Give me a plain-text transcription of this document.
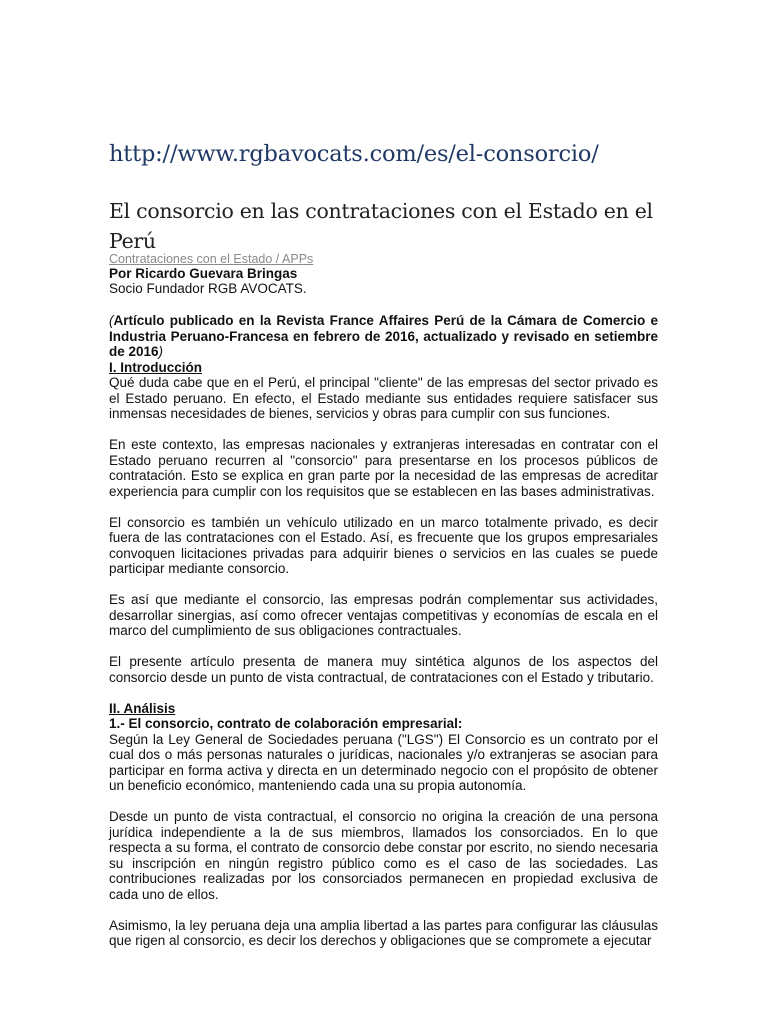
http://www.rgbavocats.com/es/el-consorcio/
El consorcio en las contrataciones con el Estado en el Perú
Contrataciones con el Estado / APPs
Por Ricardo Guevara Bringas
Socio Fundador RGB AVOCATS.

(Artículo publicado en la Revista France Affaires Perú de la Cámara de Comercio e Industria Peruano-Francesa en febrero de 2016, actualizado y revisado en setiembre de 2016)

I. Introducción

Qué duda cabe que en el Perú, el principal "cliente" de las empresas del sector privado es el Estado peruano. En efecto, el Estado mediante sus entidades requiere satisfacer sus inmensas necesidades de bienes, servicios y obras para cumplir con sus funciones.

En este contexto, las empresas nacionales y extranjeras interesadas en contratar con el Estado peruano recurren al "consorcio" para presentarse en los procesos públicos de contratación. Esto se explica en gran parte por la necesidad de las empresas de acreditar experiencia para cumplir con los requisitos que se establecen en las bases administrativas.

El consorcio es también un vehículo utilizado en un marco totalmente privado, es decir fuera de las contrataciones con el Estado. Así, es frecuente que los grupos empresariales convoquen licitaciones privadas para adquirir bienes o servicios en las cuales se puede participar mediante consorcio.

Es así que mediante el consorcio, las empresas podrán complementar sus actividades, desarrollar sinergias, así como ofrecer ventajas competitivas y economías de escala en el marco del cumplimiento de sus obligaciones contractuales.

El presente artículo presenta de manera muy sintética algunos de los aspectos del consorcio desde un punto de vista contractual, de contrataciones con el Estado y tributario.

II. Análisis
1.- El consorcio, contrato de colaboración empresarial:

Según la Ley General de Sociedades peruana ("LGS") El Consorcio es un contrato por el cual dos o más personas naturales o jurídicas, nacionales y/o extranjeras se asocian para participar en forma activa y directa en un determinado negocio con el propósito de obtener un beneficio económico, manteniendo cada una su propia autonomía.

Desde un punto de vista contractual, el consorcio no origina la creación de una persona jurídica independiente a la de sus miembros, llamados los consorciados. En lo que respecta a su forma, el contrato de consorcio debe constar por escrito, no siendo necesaria su inscripción en ningún registro público como es el caso de las sociedades. Las contribuciones realizadas por los consorciados permanecen en propiedad exclusiva de cada uno de ellos.

Asimismo, la ley peruana deja una amplia libertad a las partes para configurar las cláusulas que rigen al consorcio, es decir los derechos y obligaciones que se compromete a ejecutar
